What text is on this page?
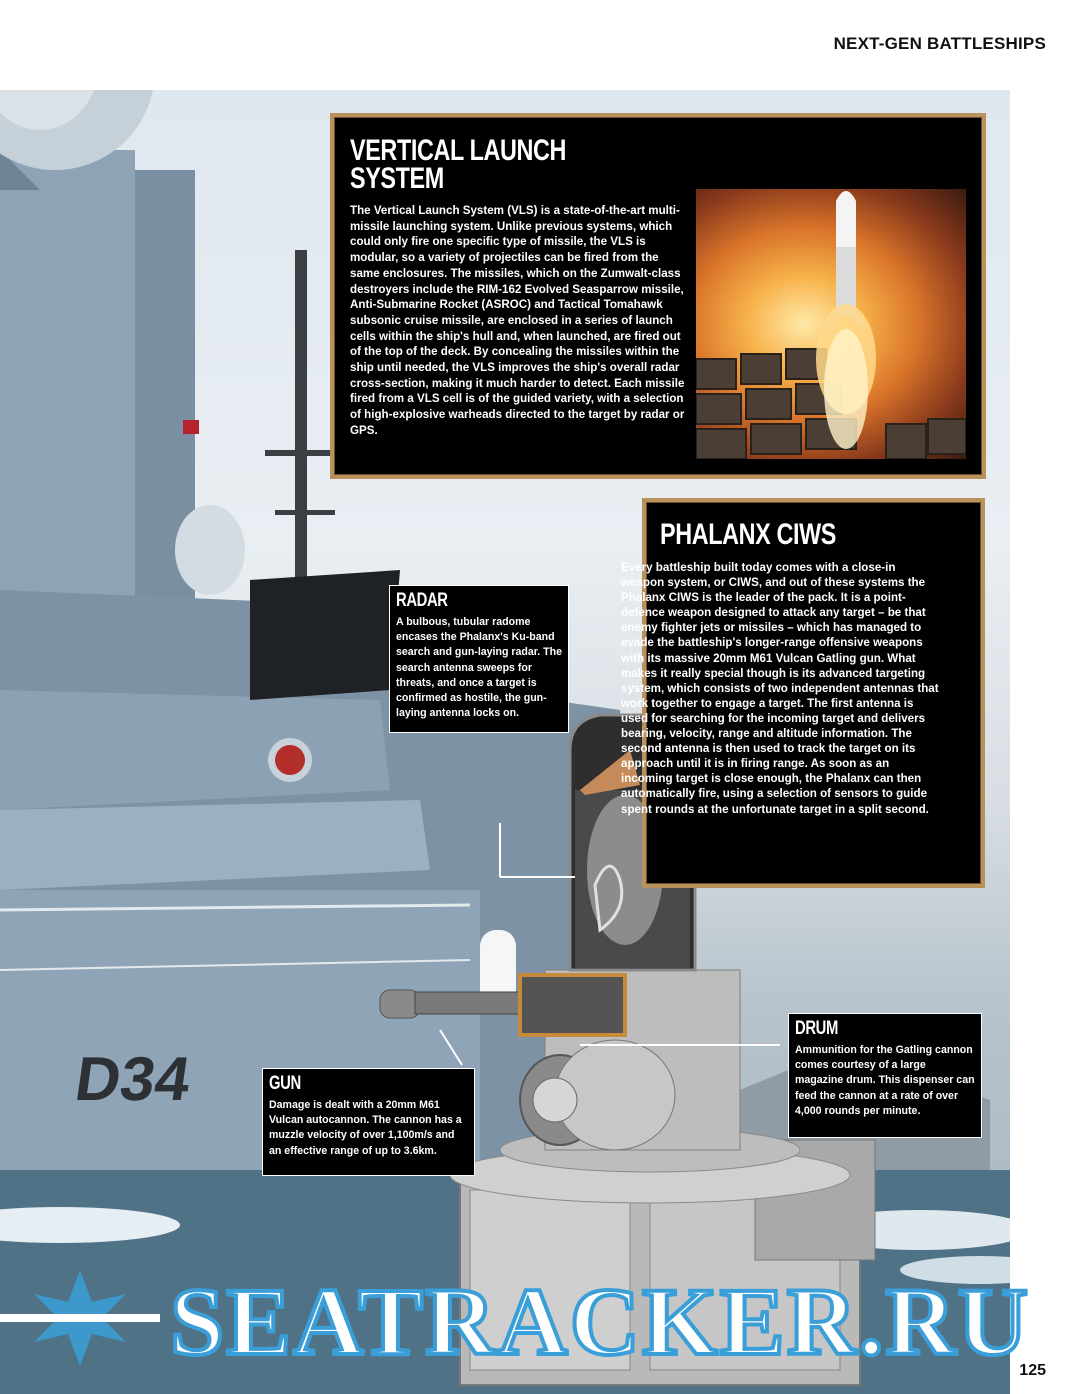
D34
NEXT-GEN BATTLESHIPS
VERTICAL LAUNCH SYSTEM

The Vertical Launch System (VLS) is a state-of-the-art multi-missile launching system. Unlike previous systems, which could only fire one specific type of missile, the VLS is modular, so a variety of projectiles can be fired from the same enclosures. The missiles, which on the Zumwalt-class destroyers include the RIM-162 Evolved Seasparrow missile, Anti-Submarine Rocket (ASROC) and Tactical Tomahawk subsonic cruise missile, are enclosed in a series of launch cells within the ship's hull and, when launched, are fired out of the top of the deck. By concealing the missiles within the ship until needed, the VLS improves the ship's overall radar cross-section, making it much harder to detect. Each missile fired from a VLS cell is of the guided variety, with a selection of high-explosive warheads directed to the target by radar or GPS.

PHALANX CIWS

Every battleship built today comes with a close-in weapon system, or CIWS, and out of these systems the Phalanx CIWS is the leader of the pack. It is a point-defence weapon designed to attack any target – be that enemy fighter jets or missiles – which has managed to evade the battleship's longer-range offensive weapons with its massive 20mm M61 Vulcan Gatling gun. What makes it really special though is its advanced targeting system, which consists of two independent antennas that work together to engage a target. The first antenna is used for searching for the incoming target and delivers bearing, velocity, range and altitude information. The second antenna is then used to track the target on its approach until it is in firing range. As soon as an incoming target is close enough, the Phalanx can then automatically fire, using a selection of sensors to guide spent rounds at the unfortunate target in a split second.

RADAR

A bulbous, tubular radome encases the Phalanx's Ku-band search and gun-laying radar. The search antenna sweeps for threats, and once a target is confirmed as hostile, the gun-laying antenna locks on.

GUN

Damage is dealt with a 20mm M61 Vulcan autocannon. The cannon has a muzzle velocity of over 1,100m/s and an effective range of up to 3.6km.

DRUM

Ammunition for the Gatling cannon comes courtesy of a large magazine drum. This dispenser can feed the cannon at a rate of over 4,000 rounds per minute.

SEATRACKER.RU
125
